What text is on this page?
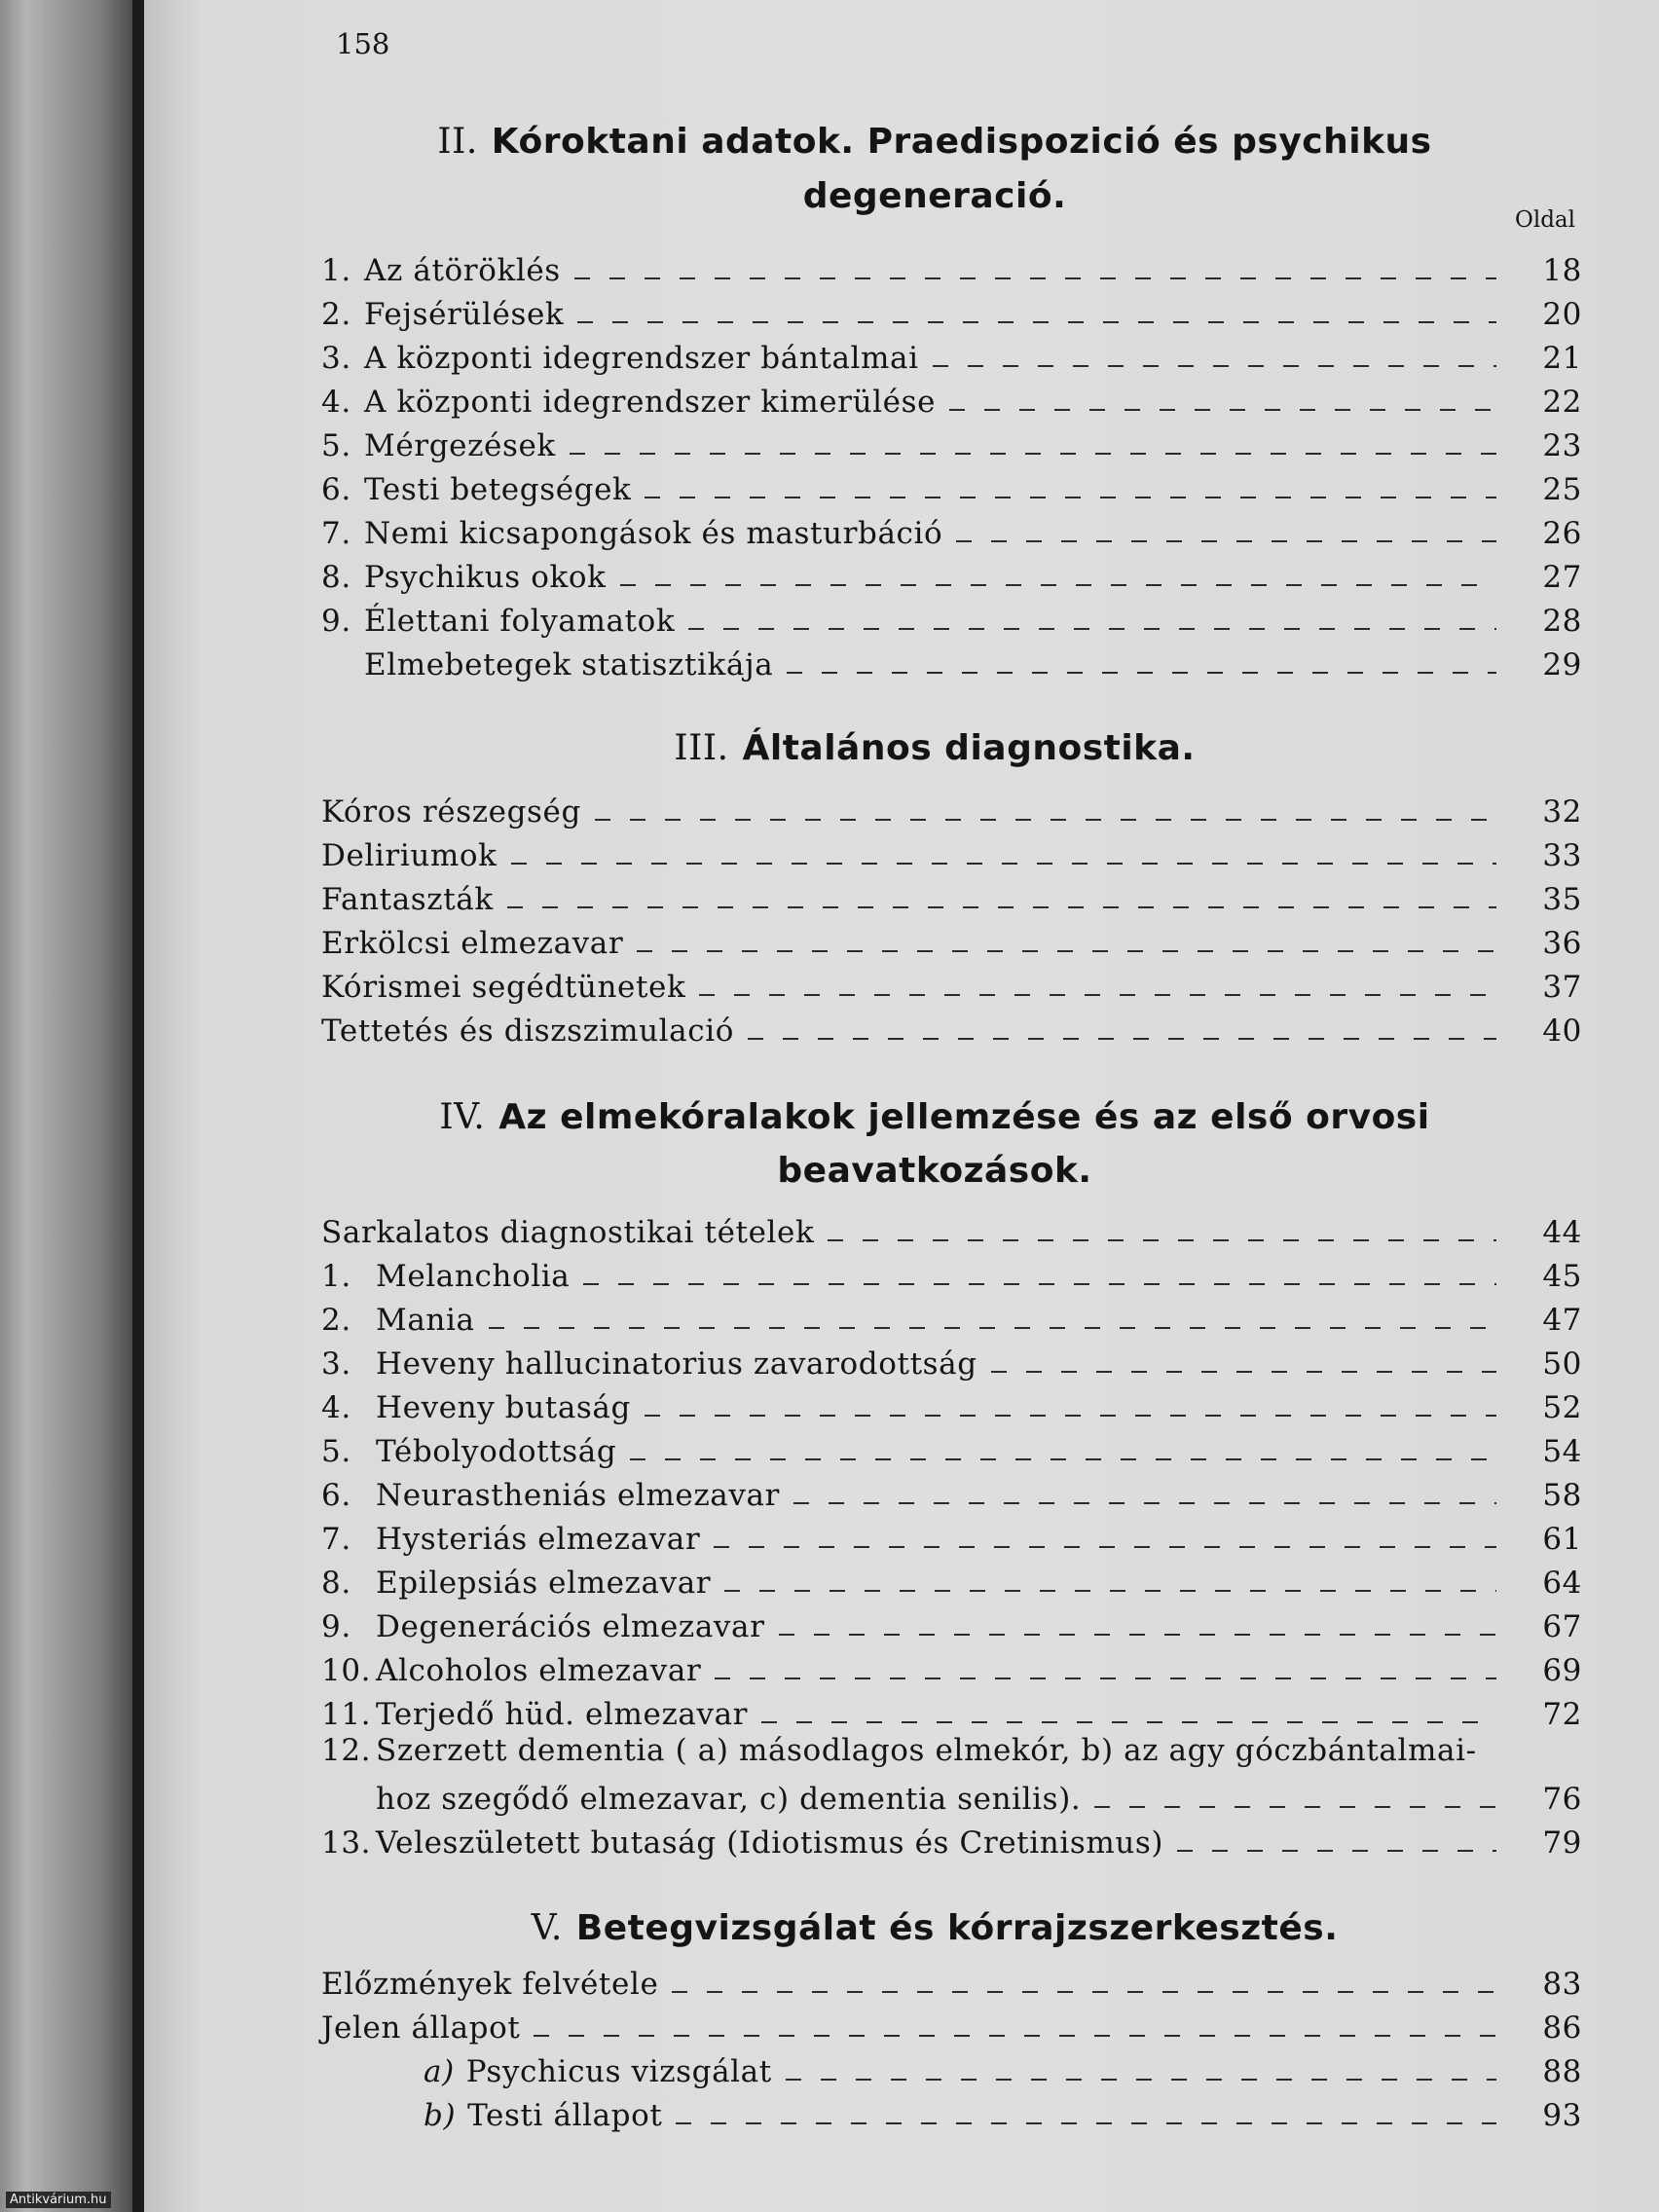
Antikvárium.hu
158
Oldal
II. Kóroktani adatok. Praedispozició és psychikus
degeneració.
1. Az átöröklés	18
2. Fejsérülések	20
3. A központi idegrendszer bántalmai	21
4. A központi idegrendszer kimerülése	22
5. Mérgezések	23
6. Testi betegségek	25
7. Nemi kicsapongások és masturbáció	26
8. Psychikus okok	27
9. Élettani folyamatok	28
Elmebetegek statisztikája	29
III. Általános diagnostika.
Kóros részegség	32
Deliriumok	33
Fantaszták	35
Erkölcsi elmezavar	36
Kórismei segédtünetek	37
Tettetés és diszszimulació	40
IV. Az elmekóralakok jellemzése és az első orvosi
beavatkozások.
Sarkalatos diagnostikai tételek	44
1. Melancholia	45
2. Mania	47
3. Heveny hallucinatorius zavarodottság	50
4. Heveny butaság	52
5. Tébolyodottság	54
6. Neurastheniás elmezavar	58
7. Hysteriás elmezavar	61
8. Epilepsiás elmezavar	64
9. Degenerációs elmezavar	67
10. Alcoholos elmezavar	69
11. Terjedő hüd. elmezavar	72
12. Szerzett dementia ( a) másodlagos elmekór, b) az agy góczbántalmai-
hoz szegődő elmezavar, c) dementia senilis).	76
13. Veleszületett butaság (Idiotismus és Cretinismus)	79
V. Betegvizsgálat és kórrajzszerkesztés.
Előzmények felvétele	83
Jelen állapot	86
a) Psychicus vizsgálat	88
b) Testi állapot	93
